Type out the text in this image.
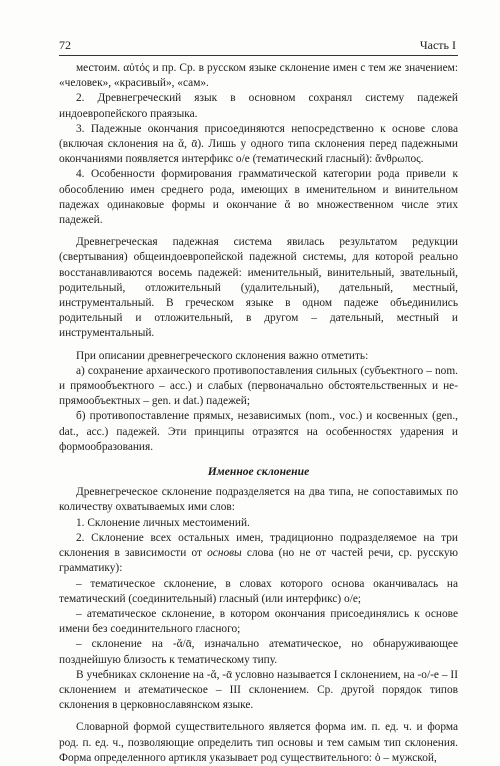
72	Часть I

местоим. αὐτός и пр. Ср. в русском языке склонение имен с тем же значением: «человек», «красивый», «сам».

2. Древнегреческий язык в основном сохранял систему падежей индоевропейского праязыка.

3. Падежные окончания присоединяются непосредственно к основе слова (включая склонения на ᾰ, ᾱ). Лишь у одного типа склонения перед падежными окончаниями появляется интерфикс о/е (тематический гласный): ἄνθρωπος.

4. Особенности формирования грамматической категории рода привели к обособлению имен среднего рода, имеющих в именительном и винительном падежах одинаковые формы и окончание ᾰ во множественном числе этих падежей.

Древнегреческая падежная система явилась результатом редукции (свертывания) общеиндоевропейской падежной системы, для которой реально восстанавливаются восемь падежей: именительный, винительный, звательный, родительный, отложительный (удалительный), дательный, местный, инструментальный. В греческом языке в одном падеже объединились родительный и отложительный, в другом – дательный, местный и инструментальный.

При описании древнегреческого склонения важно отметить:

а) сохранение архаического противопоставления сильных (субъектного – nom. и прямообъектного – acc.) и слабых (первоначально обстоятельственных и не-прямообъектных – gen. и dat.) падежей;

б) противопоставление прямых, независимых (nom., voc.) и косвенных (gen., dat., acc.) падежей. Эти принципы отразятся на особенностях ударения и формообразования.

Именное склонение

Древнегреческое склонение подразделяется на два типа, не сопоставимых по количеству охватываемых ими слов:

1. Склонение личных местоимений.

2. Склонение всех остальных имен, традиционно подразделяемое на три склонения в зависимости от основы слова (но не от частей речи, ср. русскую грамматику):

– тематическое склонение, в словах которого основа оканчивалась на тематический (соединительный) гласный (или интерфикс) о/е;

– атематическое склонение, в котором окончания присоединялись к основе имени без соединительного гласного;

– склонение на -ᾰ/ᾱ, изначально атематическое, но обнаруживающее позднейшую близость к тематическому типу.

В учебниках склонение на -ᾰ, -ᾱ условно называется I склонением, на -о/-е – II склонением и атематическое – III склонением. Ср. другой порядок типов склонения в церковнославянском языке.

Словарной формой существительного является форма им. п. ед. ч. и форма род. п. ед. ч., позволяющие определить тип основы и тем самым тип склонения. Форма определенного артикля указывает род существительного: ὁ – мужской,
